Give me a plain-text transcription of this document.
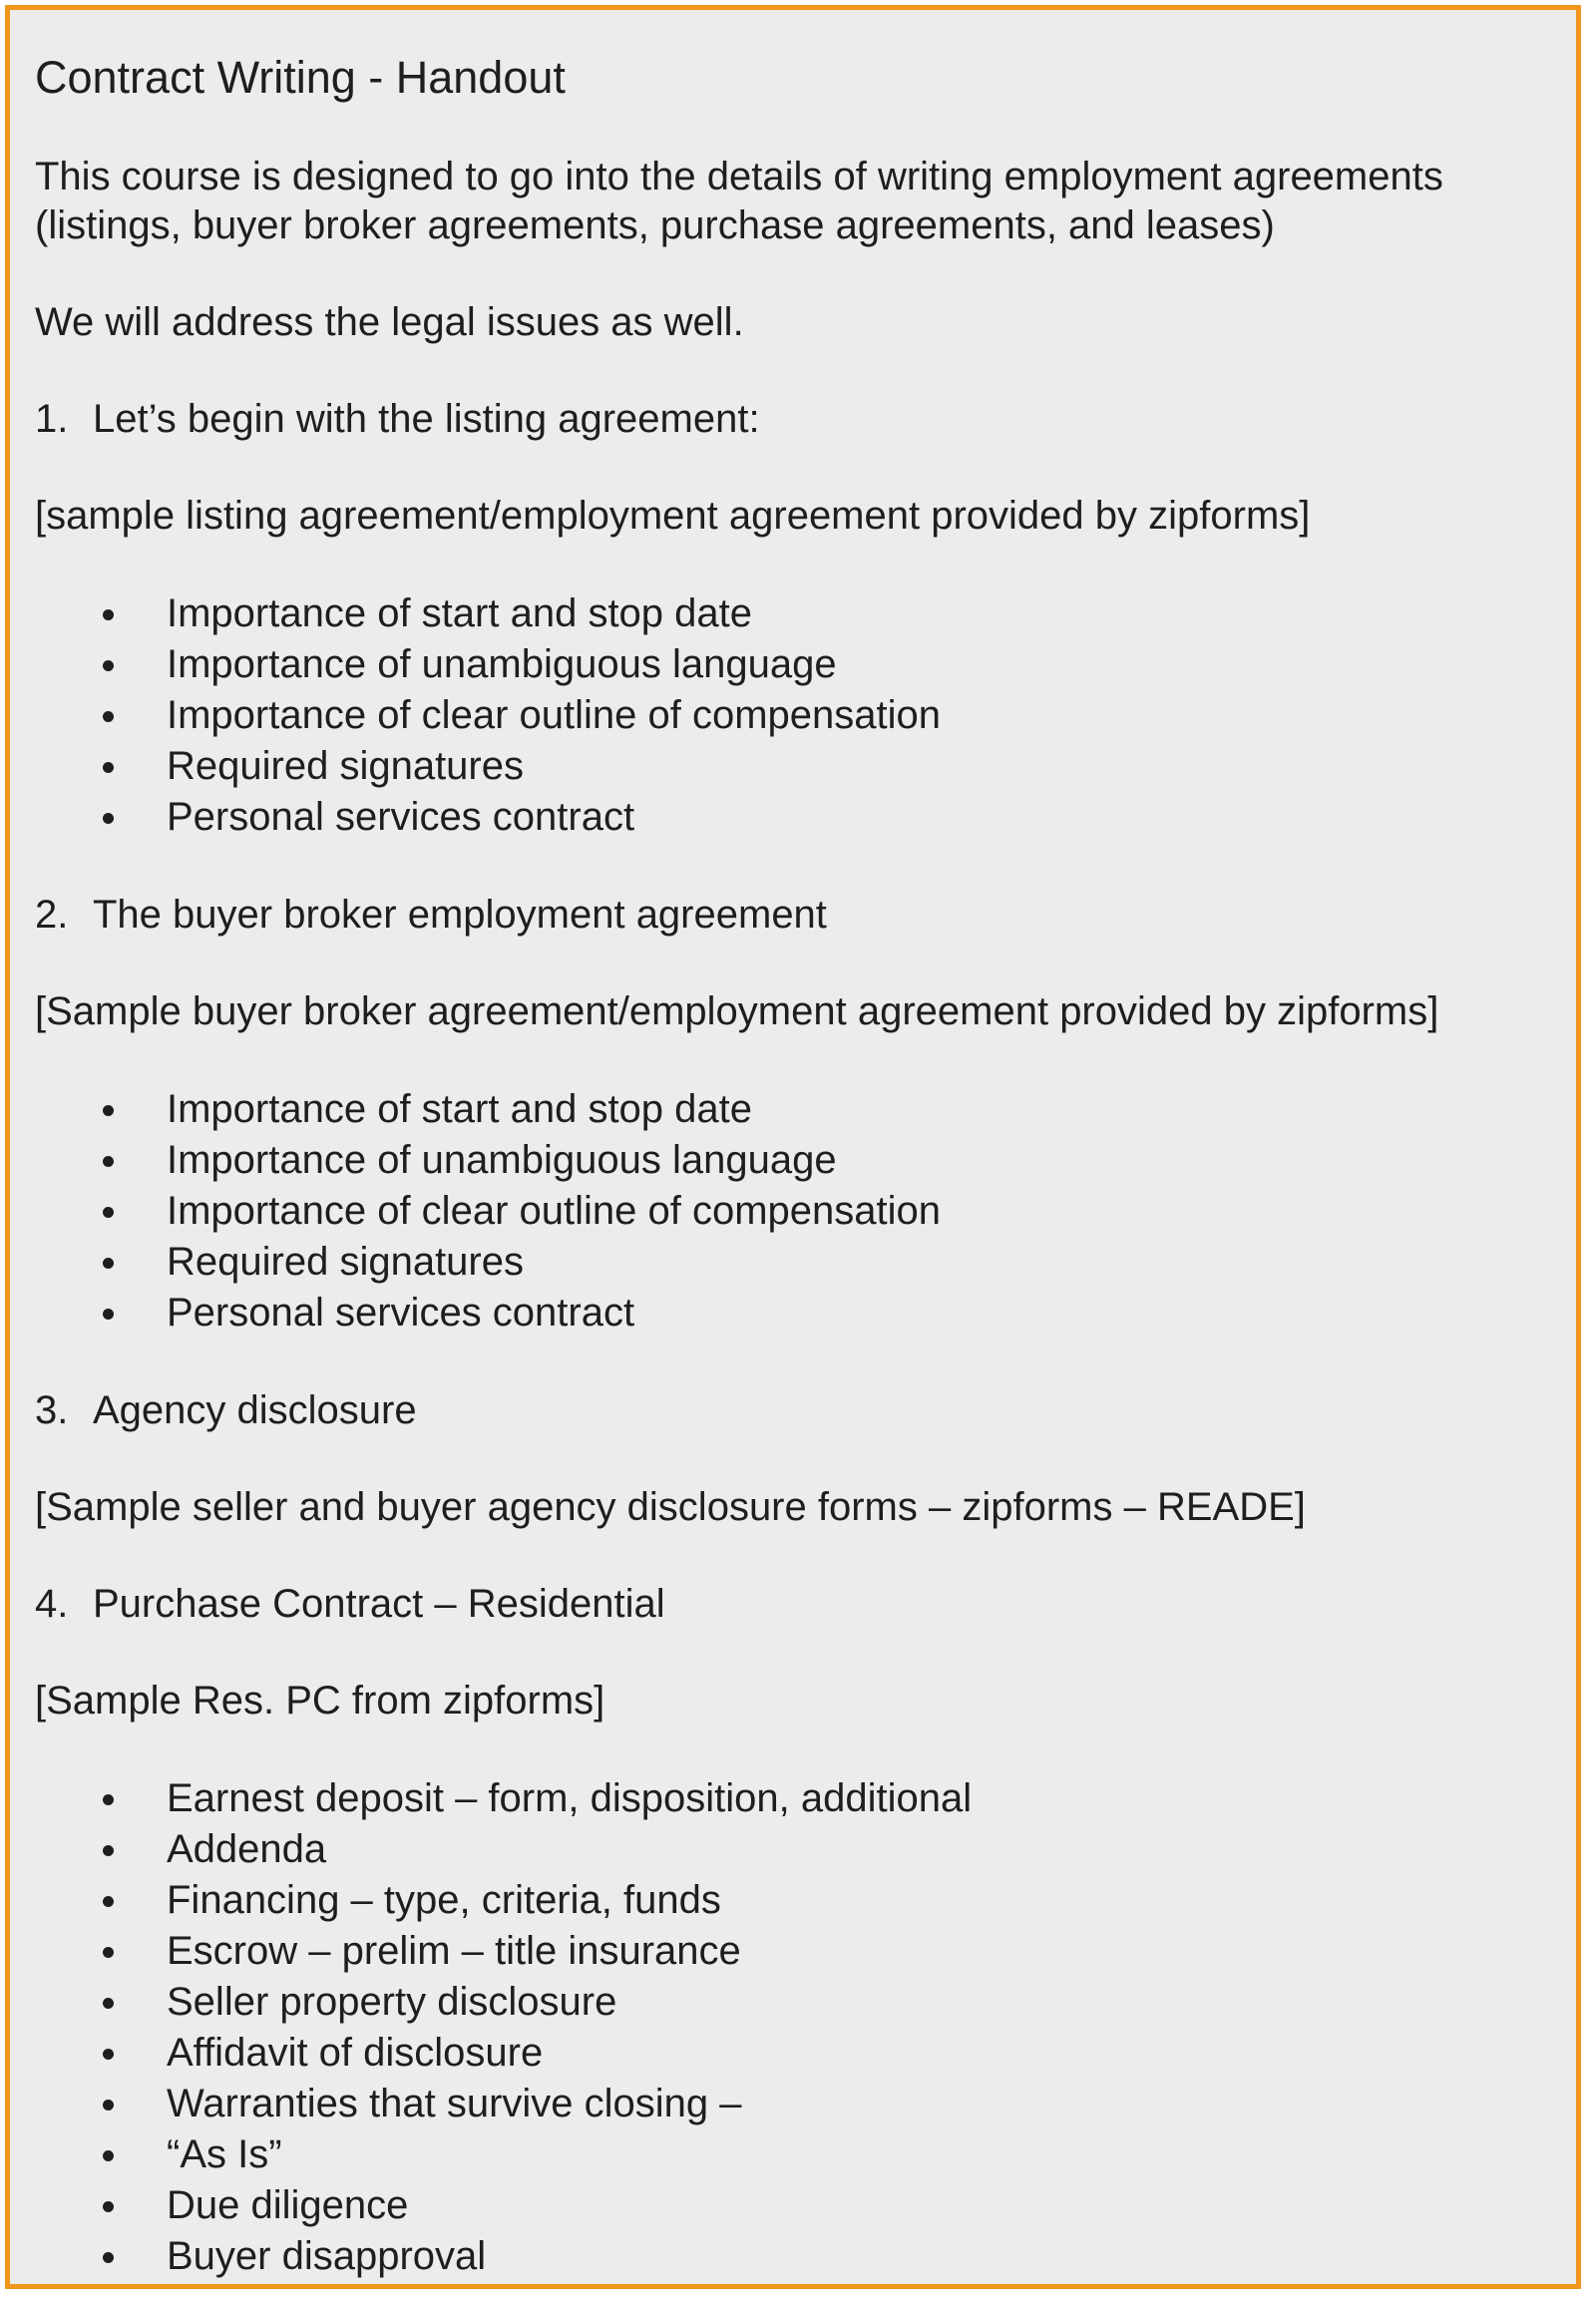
Contract Writing - Handout
This course is designed to go into the details of writing employment agreements (listings, buyer broker agreements, purchase agreements, and leases)
We will address the legal issues as well.
1. Let’s begin with the listing agreement:
[sample listing agreement/employment agreement provided by zipforms]
Importance of start and stop date
Importance of unambiguous language
Importance of clear outline of compensation
Required signatures
Personal services contract
2. The buyer broker employment agreement
[Sample buyer broker agreement/employment agreement provided by zipforms]
Importance of start and stop date
Importance of unambiguous language
Importance of clear outline of compensation
Required signatures
Personal services contract
3. Agency disclosure
[Sample seller and buyer agency disclosure forms – zipforms – READE]
4. Purchase Contract – Residential
[Sample Res. PC from zipforms]
Earnest deposit – form, disposition, additional
Addenda
Financing – type, criteria, funds
Escrow – prelim – title insurance
Seller property disclosure
Affidavit of disclosure
Warranties that survive closing –
“As Is”
Due diligence
Buyer disapproval
